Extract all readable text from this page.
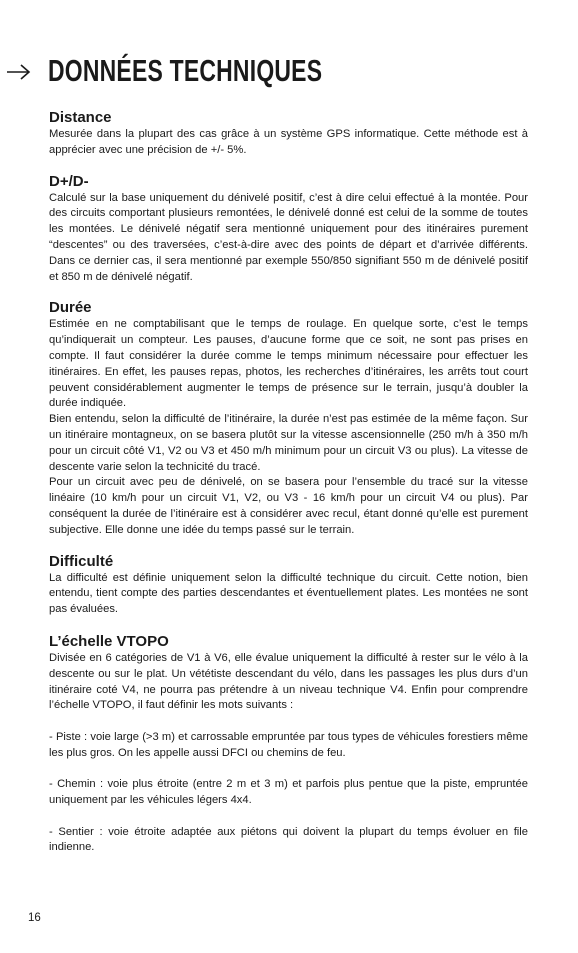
DONNÉES TECHNIQUES
Distance

Mesurée dans la plupart des cas grâce à un système GPS informatique. Cette méthode est à apprécier avec une précision de +/- 5%.

D+/D-

Calculé sur la base uniquement du dénivelé positif, c’est à dire celui effectué à la montée. Pour des circuits comportant plusieurs remontées, le dénivelé donné est celui de la somme de toutes les montées. Le dénivelé négatif sera mentionné uniquement pour des itinéraires purement “descentes” ou des traversées, c’est-à-dire avec des points de départ et d’arrivée différents. Dans ce dernier cas, il sera mentionné par exemple 550/850 signifiant 550 m de dénivelé positif et 850 m de dénivelé négatif.

Durée

Estimée en ne comptabilisant que le temps de roulage. En quelque sorte, c’est le temps qu’indiquerait un compteur. Les pauses, d’aucune forme que ce soit, ne sont pas prises en compte. Il faut considérer la durée comme le temps minimum nécessaire pour effectuer les itinéraires. En effet, les pauses repas, photos, les recherches d’itinéraires, les arrêts tout court peuvent considérablement augmenter le temps de présence sur le terrain, jusqu’à doubler la durée indiquée.

Bien entendu, selon la difficulté de l’itinéraire, la durée n’est pas estimée de la même façon. Sur un itinéraire montagneux, on se basera plutôt sur la vitesse ascensionnelle (250 m/h à 350 m/h pour un circuit côté V1, V2 ou V3 et 450 m/h minimum pour un circuit V3 ou plus). La vitesse de descente varie selon la technicité du tracé.

Pour un circuit avec peu de dénivelé, on se basera pour l’ensemble du tracé sur la vitesse linéaire (10 km/h pour un circuit V1, V2, ou V3 - 16 km/h pour un circuit V4 ou plus). Par conséquent la durée de l’itinéraire est à considérer avec recul, étant donné qu’elle est purement subjective. Elle donne une idée du temps passé sur le terrain.

Difficulté

La difficulté est définie uniquement selon la difficulté technique du circuit. Cette notion, bien entendu, tient compte des parties descendantes et éventuellement plates. Les montées ne sont pas évaluées.

L’échelle VTOPO

Divisée en 6 catégories de V1 à V6, elle évalue uniquement la difficulté à rester sur le vélo à la descente ou sur le plat. Un vététiste descendant du vélo, dans les passages les plus durs d’un itinéraire coté V4, ne pourra pas prétendre à un niveau technique V4. Enfin pour comprendre l’échelle VTOPO, il faut définir les mots suivants :

- Piste : voie large (>3 m) et carrossable empruntée par tous types de véhicules forestiers même les plus gros. On les appelle aussi DFCI ou chemins de feu.

- Chemin : voie plus étroite (entre 2 m et 3 m) et parfois plus pentue que la piste, empruntée uniquement par les véhicules légers 4x4.

- Sentier : voie étroite adaptée aux piétons qui doivent la plupart du temps évoluer en file indienne.

16
